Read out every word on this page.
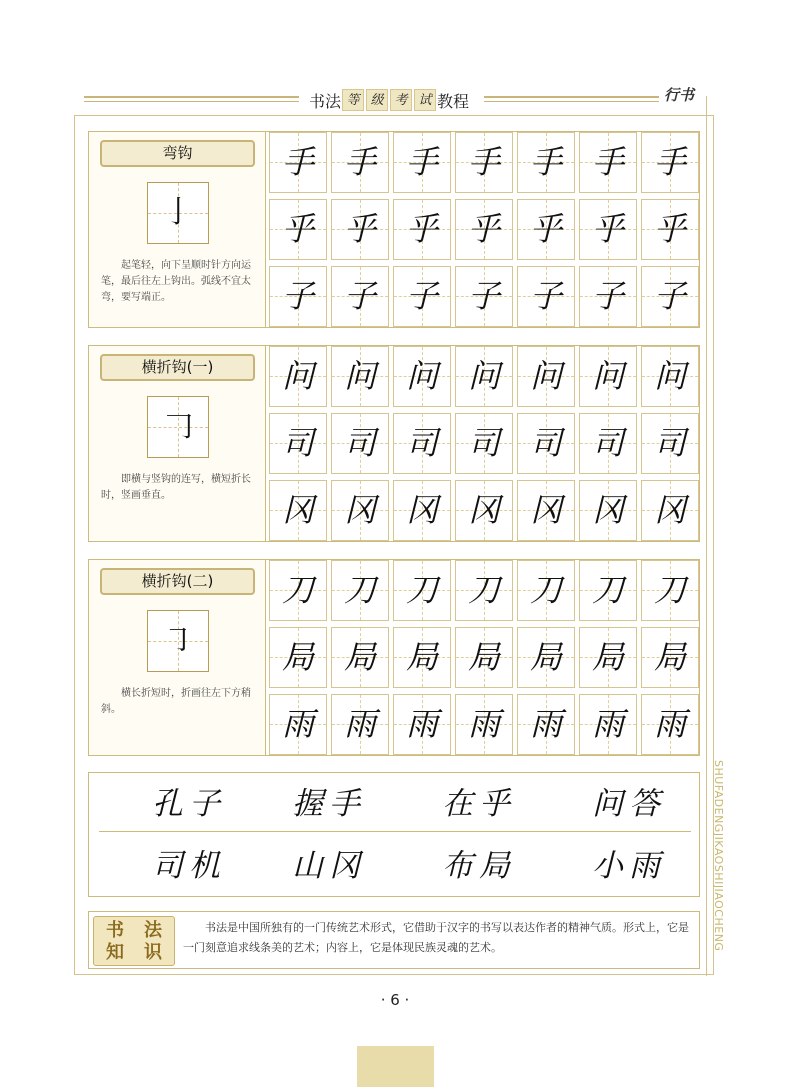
书法 等 级 考 试 教程	行书
SHUFADENGJIKAOSHIJIAOCHENG
弯钩
亅
起笔轻，向下呈顺时针方向运笔，最后往左上钩出。弧线不宜太弯，要写端正。
手 手 手 手 手 手 手
乎 乎 乎 乎 乎 乎 乎
子 子 子 子 子 子 子
横折钩(一)
𠃌
即横与竖钩的连写，横短折长时，竖画垂直。
问 问 问 问 问 问 问
司 司 司 司 司 司 司
冈 冈 冈 冈 冈 冈 冈
横折钩(二)
㇆
横长折短时，折画往左下方稍斜。
刀 刀 刀 刀 刀 刀 刀
局 局 局 局 局 局 局
雨 雨 雨 雨 雨 雨 雨
孔子	握手	在乎	问答
司机	山冈	布局	小雨
书	法
知	识
书法是中国所独有的一门传统艺术形式，它借助于汉字的书写以表达作者的精神气质。形式上，它是一门刻意追求线条美的艺术；内容上，它是体现民族灵魂的艺术。
· 6 ·
